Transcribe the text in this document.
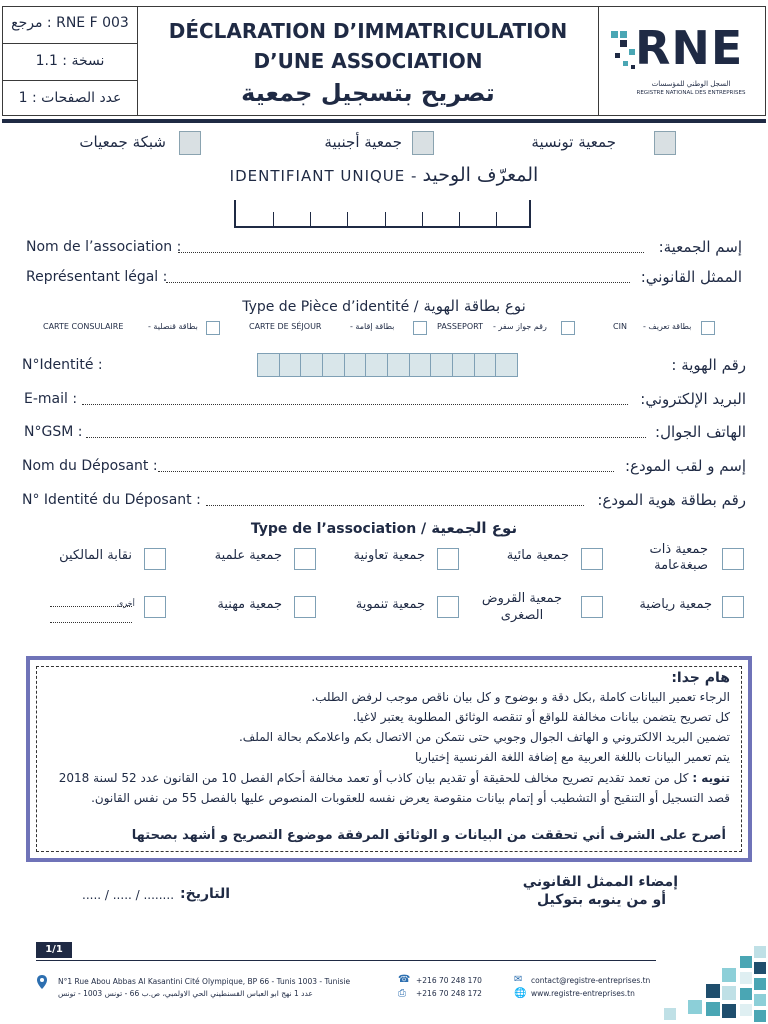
RNE F 003 : مرجع
نسخة : 1.1
عدد الصفحات : 1
DÉCLARATION D’IMMATRICULATION
D’UNE ASSOCIATION
تصريح بتسجيل جمعية
RNE
السجل الوطني للمؤسسات
REGISTRE NATIONAL DES ENTREPRISES
جمعية تونسية
جمعية أجنبية
شبكة جمعيات
IDENTIFIANT UNIQUE - المعرّف الوحيد
Nom de l’association :	إسم الجمعية:
Représentant légal :	الممثل القانوني:
Type de Pièce d’identité / نوع بطاقة الهوية
بطاقة تعريف -
CIN
رقم جواز سفر -
PASSEPORT
بطاقة إقامة -
CARTE DE SÉJOUR
بطاقة قنصلية -
CARTE CONSULAIRE
N°Identité :	رقم الهوية :
E-mail :	البريد الإلكتروني:
N°GSM :	الهاتف الجوال:
Nom du Déposant :	إسم و لقب المودع:
N° Identité du Déposant :	رقم بطاقة هوية المودع:
Type de l’association / نوع الجمعية
جمعية ذات صبغةعامة
جمعية مائية
جمعية تعاونية
جمعية علمية
نقابة المالكين
جمعية رياضية
جمعية القروض الصغرى
جمعية تنموية
جمعية مهنية
أخرى
هام جدا:
الرجاء تعمير البيانات كاملة ,بكل دقة و بوضوح و كل بيان ناقص موجب لرفض الطلب.
كل تصريح يتضمن بيانات مخالفة للواقع أو تنقصه الوثائق المطلوبة يعتبر لاغيا.
تضمين البريد الالكتروني و الهاتف الجوال وجوبي حتى نتمكن من الاتصال بكم واعلامكم بحالة الملف.
يتم تعمير البيانات باللغة العربية مع إضافة اللغة الفرنسية إختياريا
تنويه : كل من تعمد تقديم تصريح مخالف للحقيقة أو تقديم بيان كاذب أو تعمد مخالفة أحكام الفصل 10 من القانون عدد 52 لسنة 2018 قصد التسجيل أو التنقيح أو التشطيب أو إتمام بيانات منقوصة يعرض نفسه للعقوبات المنصوص عليها بالفصل 55 من نفس القانون.
أصرح على الشرف أني تحققت من البيانات و الوثائق المرفقة موضوع التصريح و أشهد بصحتها
إمضاء الممثل القانوني
أو من ينوبه بتوكيل
التاريخ:
..... / ..... / ........
1/1
N°1 Rue Abou Abbas Al Kasantini Cité Olympique, BP 66 - Tunis 1003 - Tunisie
عدد 1 نهج ابو العباس القسنطيني الحي الاولمبي، ص.ب 66 - تونس 1003 - تونس
☎ +216 70 248 170
⎙ +216 70 248 172
✉ contact@registre-entreprises.tn
🌐 www.registre-entreprises.tn
